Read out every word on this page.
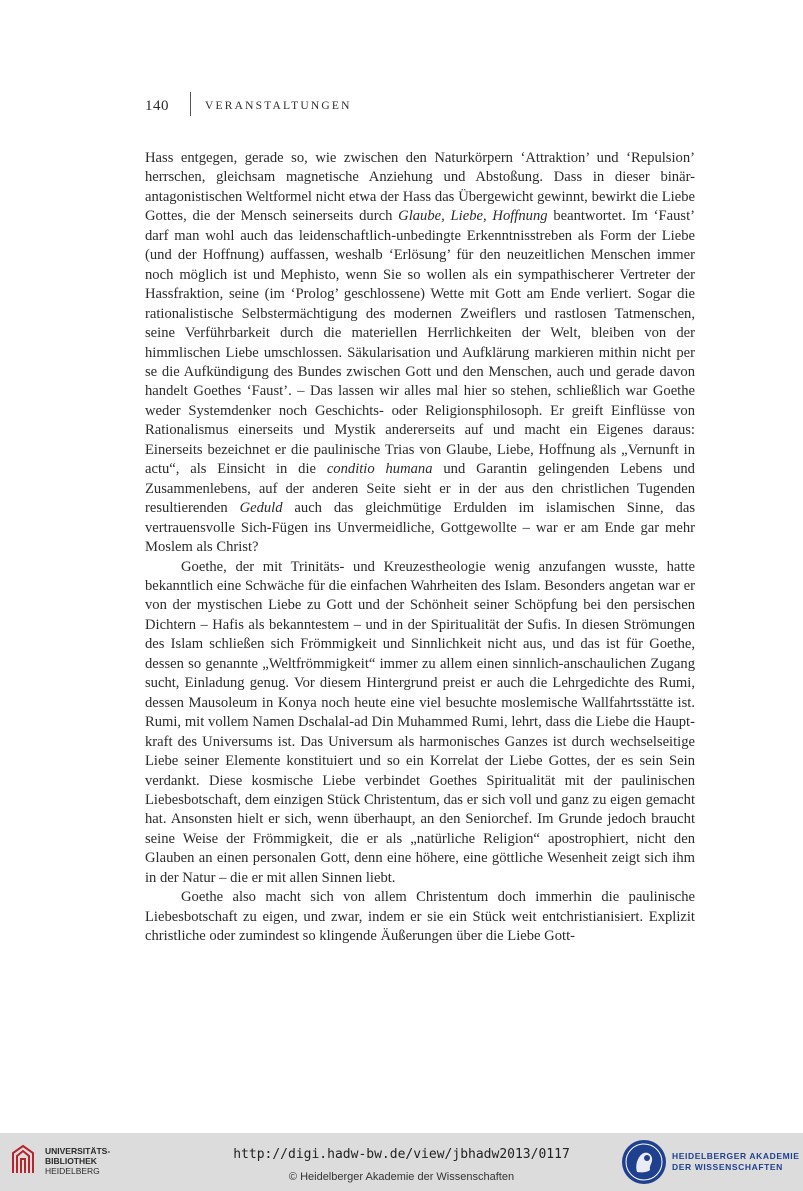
140	VERANSTALTUNGEN

Hass entgegen, gerade so, wie zwischen den Naturkörpern ‘Attraktion’ und ‘Repulsion’ herrschen, gleichsam magnetische Anziehung und Abstoßung. Dass in dieser binär-antagonistischen Weltformel nicht etwa der Hass das Übergewicht gewinnt, bewirkt die Liebe Gottes, die der Mensch seinerseits durch Glaube, Liebe, Hoffnung beantwortet. Im ‘Faust’ darf man wohl auch das leidenschaftlich-unbedingte Erkenntnisstreben als Form der Liebe (und der Hoffnung) auffassen, weshalb ‘Erlösung’ für den neuzeitlichen Menschen immer noch möglich ist und Mephisto, wenn Sie so wollen als ein sympathischerer Vertreter der Hassfraktion, seine (im ‘Prolog’ geschlossene) Wette mit Gott am Ende verliert. Sogar die rationalistische Selbstermächtigung des modernen Zweiflers und rastlosen Tatmenschen, seine Verführbarkeit durch die materiellen Herrlichkeiten der Welt, bleiben von der himmlischen Liebe umschlossen. Säkularisation und Aufklärung markieren mithin nicht per se die Aufkündigung des Bundes zwischen Gott und den Menschen, auch und gerade davon handelt Goethes ‘Faust’. – Das lassen wir alles mal hier so stehen, schließlich war Goethe weder Systemdenker noch Geschichts- oder Religionsphilosoph. Er greift Einflüsse von Rationalismus einerseits und Mystik andererseits auf und macht ein Eigenes daraus: Einerseits bezeichnet er die paulinische Trias von Glaube, Liebe, Hoffnung als „Vernunft in actu“, als Einsicht in die conditio humana und Garantin gelingenden Lebens und Zusammenlebens, auf der anderen Seite sieht er in der aus den christlichen Tugenden resultierenden Geduld auch das gleichmütige Erdulden im islamischen Sinne, das vertrauensvolle Sich-Fügen ins Unvermeidliche, Gottgewollte – war er am Ende gar mehr Moslem als Christ?

Goethe, der mit Trinitäts- und Kreuzestheologie wenig anzufangen wusste, hatte bekanntlich eine Schwäche für die einfachen Wahrheiten des Islam. Besonders angetan war er von der mystischen Liebe zu Gott und der Schönheit seiner Schöpfung bei den persischen Dichtern – Hafis als bekanntestem – und in der Spiritualität der Sufis. In diesen Strömungen des Islam schließen sich Frömmigkeit und Sinnlichkeit nicht aus, und das ist für Goethe, dessen so genannte „Weltfrömmigkeit“ immer zu allem einen sinnlich-anschaulichen Zugang sucht, Einladung genug. Vor diesem Hintergrund preist er auch die Lehrgedichte des Rumi, dessen Mausoleum in Konya noch heute eine viel besuchte moslemische Wallfahrtsstätte ist. Rumi, mit vollem Namen Dschalal-ad Din Muhammed Rumi, lehrt, dass die Liebe die Hauptkraft des Universums ist. Das Universum als harmonisches Ganzes ist durch wechselseitige Liebe seiner Elemente konstituiert und so ein Korrelat der Liebe Gottes, der es sein Sein verdankt. Diese kosmische Liebe verbindet Goethes Spiritualität mit der paulinischen Liebesbotschaft, dem einzigen Stück Christentum, das er sich voll und ganz zu eigen gemacht hat. Ansonsten hielt er sich, wenn überhaupt, an den Seniorchef. Im Grunde jedoch braucht seine Weise der Frömmigkeit, die er als „natürliche Religion“ apostrophiert, nicht den Glauben an einen personalen Gott, denn eine höhere, eine göttliche Wesenheit zeigt sich ihm in der Natur – die er mit allen Sinnen liebt.

Goethe also macht sich von allem Christentum doch immerhin die paulinische Liebesbotschaft zu eigen, und zwar, indem er sie ein Stück weit entchristianisiert. Explizit christliche oder zumindest so klingende Äußerungen über die Liebe Gott-

UNIVERSITÄTS-
BIBLIOTHEK
HEIDELBERG
http://digi.hadw-bw.de/view/jbhadw2013/0117
© Heidelberger Akademie der Wissenschaften
HEIDELBERGER AKADEMIE
DER WISSENSCHAFTEN
